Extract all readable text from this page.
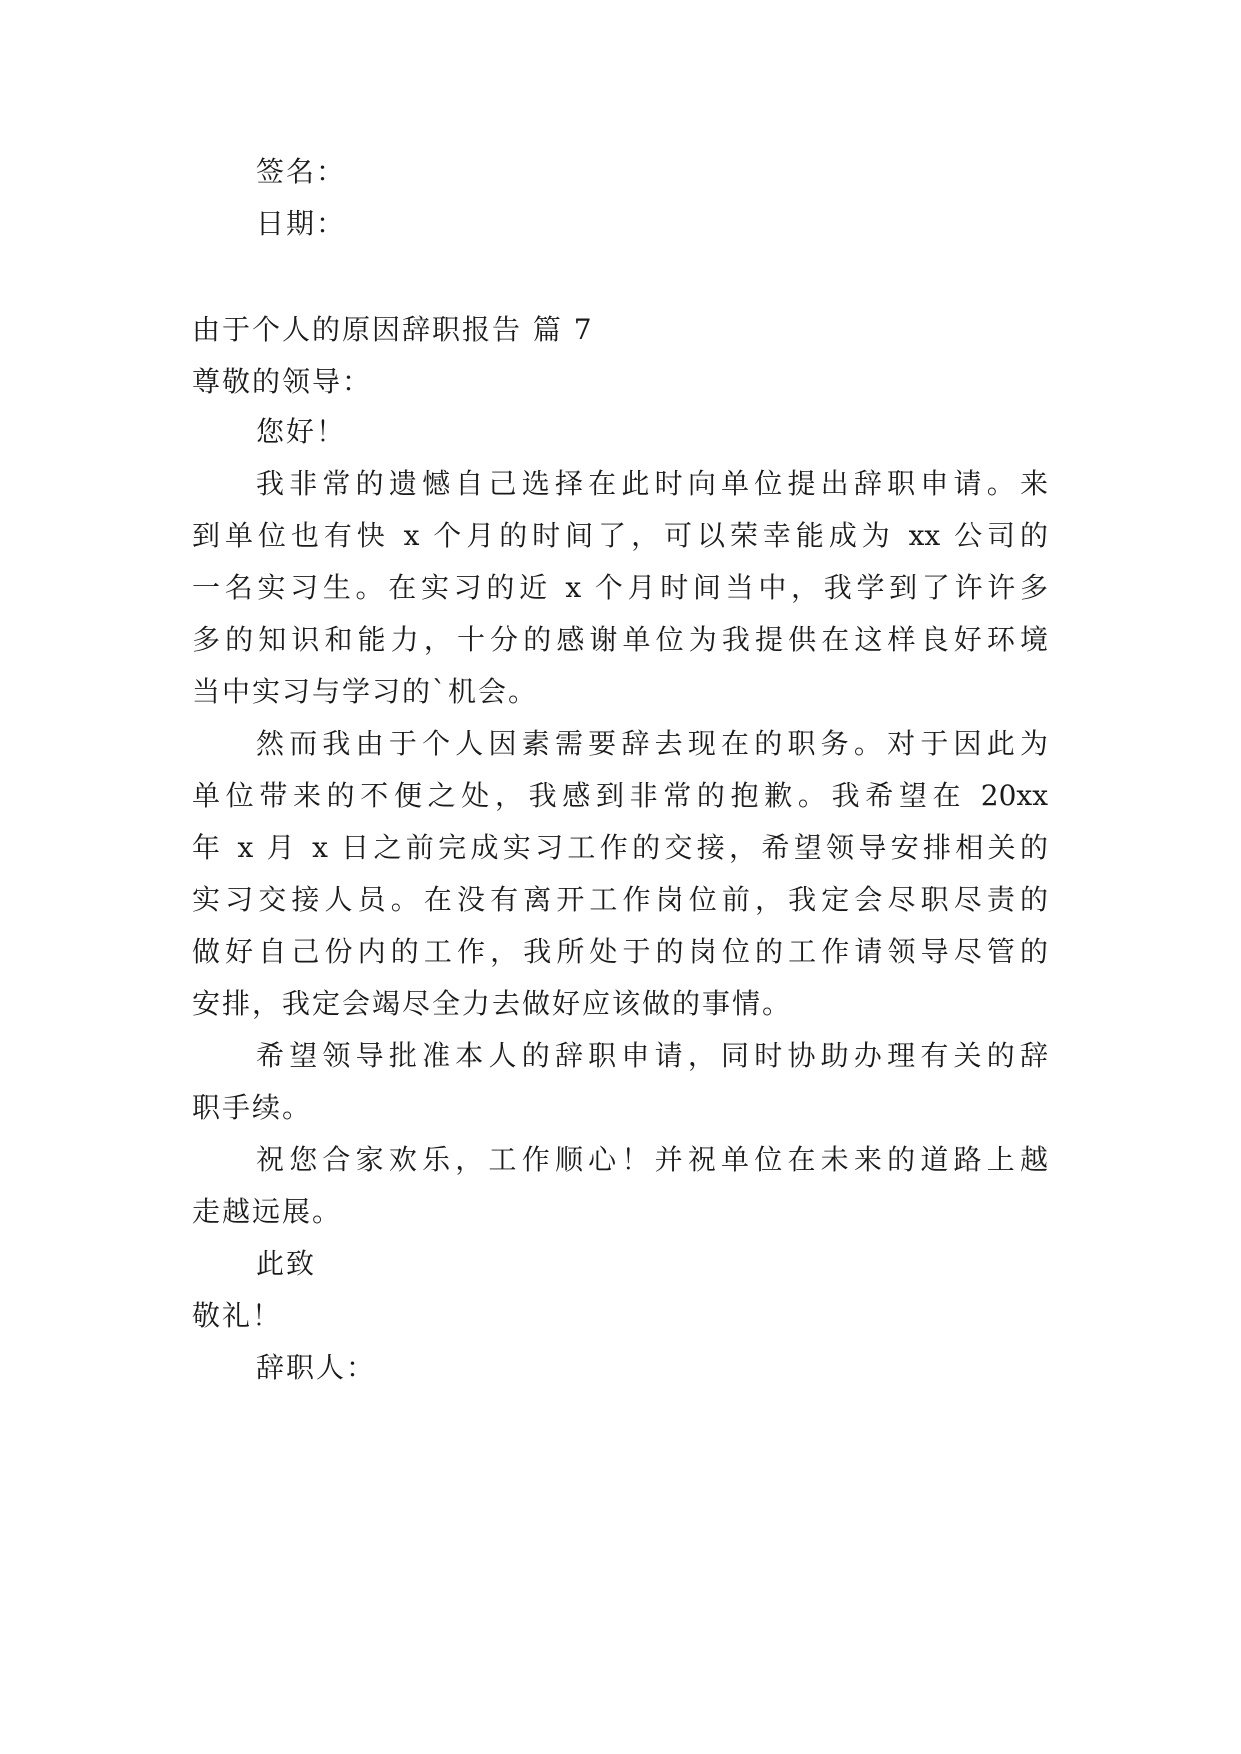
签名：
日期：
由于个人的原因辞职报告 篇 7
尊敬的领导：
您好！
我非常的遗憾自己选择在此时向单位提出辞职申请。来
到单位也有快 x 个月的时间了，可以荣幸能成为 xx 公司的
一名实习生。在实习的近 x 个月时间当中，我学到了许许多
多的知识和能力，十分的感谢单位为我提供在这样良好环境
当中实习与学习的`机会。
然而我由于个人因素需要辞去现在的职务。对于因此为
单位带来的不便之处，我感到非常的抱歉。我希望在 20xx
年 x 月 x 日之前完成实习工作的交接，希望领导安排相关的
实习交接人员。在没有离开工作岗位前，我定会尽职尽责的
做好自己份内的工作，我所处于的岗位的工作请领导尽管的
安排，我定会竭尽全力去做好应该做的事情。
希望领导批准本人的辞职申请，同时协助办理有关的辞
职手续。
祝您合家欢乐，工作顺心！并祝单位在未来的道路上越
走越远展。
此致
敬礼！
辞职人：
